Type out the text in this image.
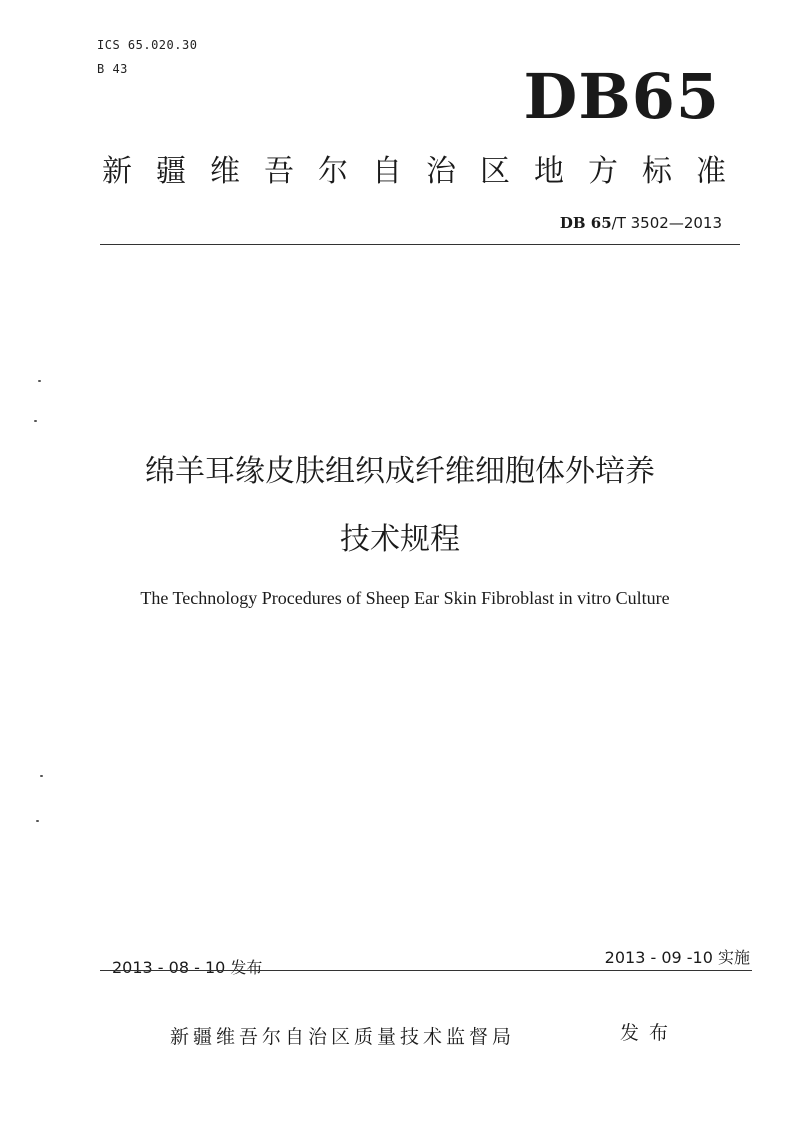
ICS 65.020.30
B 43	DB65
新疆维吾尔自治区地方标准
DB 65/T 3502—2013
绵羊耳缘皮肤组织成纤维细胞体外培养
技术规程
The Technology Procedures of Sheep Ear Skin Fibroblast in vitro Culture
2013 - 08 - 10 发布
2013 - 09 -10 实施
新疆维吾尔自治区质量技术监督局	发布
